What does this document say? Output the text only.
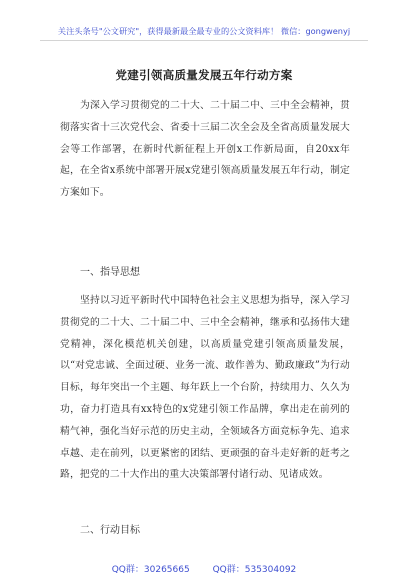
关注头条号"公文研究"，获得最新最全最专业的公文资料库！ 微信：gongwenyj
党建引领高质量发展五年行动方案
为深入学习贯彻党的二十大、二十届二中、三中全会精神，贯彻落实省十三次党代会、省委十三届二次全会及全省高质量发展大会等工作部署，在新时代新征程上开创x工作新局面，自20xx年起，在全省x系统中部署开展x党建引领高质量发展五年行动，制定方案如下。
一、指导思想
坚持以习近平新时代中国特色社会主义思想为指导，深入学习贯彻党的二十大、二十届二中、三中全会精神，继承和弘扬伟大建党精神，深化模范机关创建，以高质量党建引领高质量发展，以“对党忠诚、全面过硬、业务一流、敢作善为、勤政廉政”为行动目标，每年突出一个主题、每年跃上一个台阶，持续用力、久久为功，奋力打造具有xx特色的x党建引领工作品牌，拿出走在前列的精气神，强化当好示范的历史主动，全领域各方面竞标争先、追求卓越、走在前列，以更紧密的团结、更顽强的奋斗走好新的赶考之路，把党的二十大作出的重大决策部署付诸行动、见诸成效。
二、行动目标
QQ群：30265665	QQ群：535304092
